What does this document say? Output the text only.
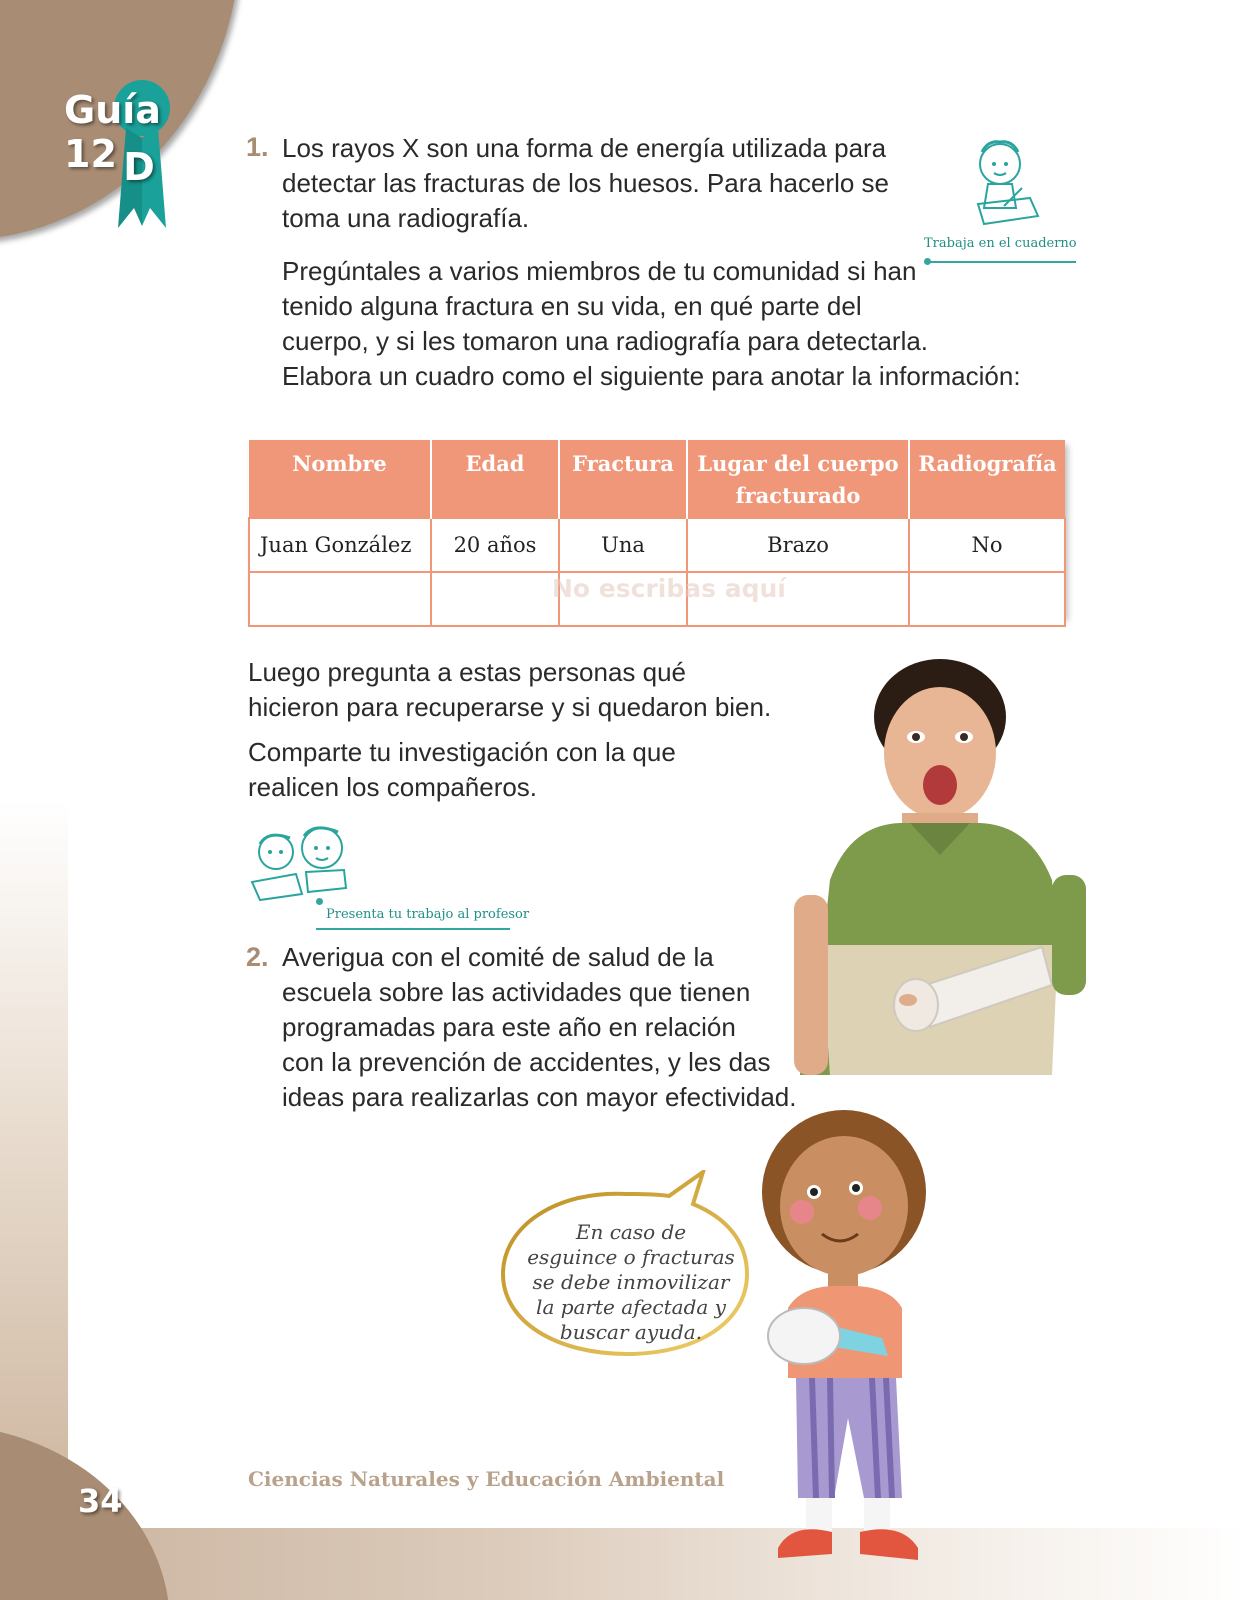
Guía 12 D	1. Los rayos X son una forma de energía utilizada para
detectar las fracturas de los huesos. Para hacerlo se
toma una radiografía.
Pregúntales a varios miembros de tu comunidad si han
tenido alguna fractura en su vida, en qué parte del
cuerpo, y si les tomaron una radiografía para detectarla.
Elabora un cuadro como el siguiente para anotar la información:
Trabaja en el cuaderno
Nombre	Edad	Fractura	Lugar del cuerpo fracturado	Radiografía
Juan González	20 años	Una	Brazo	No

No escribas aquí
Luego pregunta a estas personas qué
hicieron para recuperarse y si quedaron bien.
Comparte tu investigación con la que
realicen los compañeros.
Presenta tu trabajo al profesor
2. Averigua con el comité de salud de la
escuela sobre las actividades que tienen
programadas para este año en relación
con la prevención de accidentes, y les das
ideas para realizarlas con mayor efectividad.
En caso de
esguince o fracturas
se debe inmovilizar
la parte afectada y
buscar ayuda.
Ciencias Naturales y Educación Ambiental
34
